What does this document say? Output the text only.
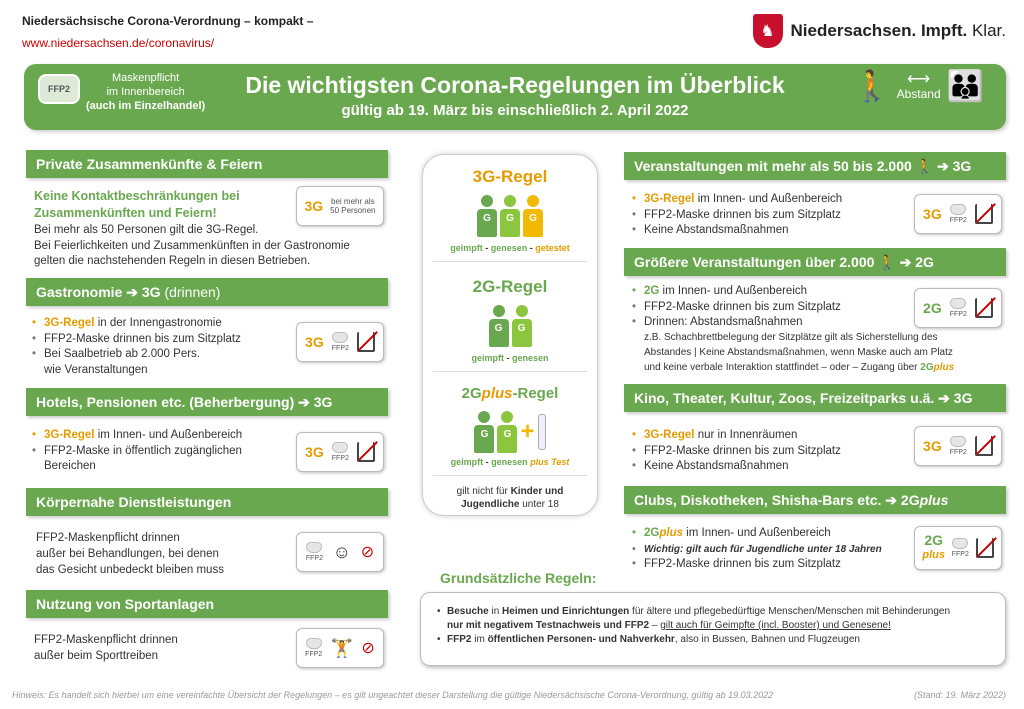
Niedersächsische Corona-Verordnung – kompakt –
www.niedersachsen.de/coronavirus/
♞ Niedersachsen. Impft. Klar.
FFP2
Maskenpflicht
im Innenbereich
(auch im Einzelhandel)
Die wichtigsten Corona-Regelungen im Überblick
gültig ab 19. März bis einschließlich 2. April 2022
🚶	⟷
Abstand 👪
Private Zusammenkünfte & Feiern
Keine Kontaktbeschränkungen bei
Zusammenkünften und Feiern!
Bei mehr als 50 Personen gilt die 3G-Regel.
Bei Feierlichkeiten und Zusammenkünften in der Gastronomie
gelten die nachstehenden Regeln in diesen Betrieben.
3G bei mehr als
50 Personen
Gastronomie ➔ 3G (drinnen)
• 3G-Regel in der Innengastronomie
• FFP2-Maske drinnen bis zum Sitzplatz
• Bei Saalbetrieb ab 2.000 Pers.
wie Veranstaltungen
3G FFP2
Hotels, Pensionen etc. (Beherbergung) ➔ 3G
• 3G-Regel im Innen- und Außenbereich
• FFP2-Maske in öffentlich zugänglichen
Bereichen
3G FFP2
Körpernahe Dienstleistungen
FFP2-Maskenpflicht drinnen
außer bei Behandlungen, bei denen
das Gesicht unbedeckt bleiben muss
FFP2 ☺ ⊘
Nutzung von Sportanlagen
FFP2-Maskenpflicht drinnen
außer beim Sporttreiben	FFP2 🏋 ⊘
3G-Regel
G	G	G
geimpft - genesen - getestet
2G-Regel
G	G
geimpft - genesen
2Gplus-Regel
G	G +
geimpft - genesen plus Test
gilt nicht für Kinder und Jugendliche unter 18
Veranstaltungen mit mehr als 50 bis 2.000 🚶 ➔ 3G
• 3G-Regel im Innen- und Außenbereich
• FFP2-Maske drinnen bis zum Sitzplatz
• Keine Abstandsmaßnahmen
3G FFP2
Größere Veranstaltungen über 2.000 🚶 ➔ 2G
• 2G im Innen- und Außenbereich
• FFP2-Maske drinnen bis zum Sitzplatz
• Drinnen: Abstandsmaßnahmen
z.B. Schachbrettbelegung der Sitzplätze gilt als Sicherstellung des
Abstandes | Keine Abstandsmaßnahmen, wenn Maske auch am Platz
und keine verbale Interaktion stattfindet – oder – Zugang über 2Gplus
2G FFP2
Kino, Theater, Kultur, Zoos, Freizeitparks u.ä. ➔ 3G
• 3G-Regel nur in Innenräumen
• FFP2-Maske drinnen bis zum Sitzplatz
• Keine Abstandsmaßnahmen
3G FFP2
Clubs, Diskotheken, Shisha-Bars etc. ➔ 2Gplus
• 2Gplus im Innen- und Außenbereich
• Wichtig: gilt auch für Jugendliche unter 18 Jahren
• FFP2-Maske drinnen bis zum Sitzplatz
2G
plus FFP2
Grundsätzliche Regeln:
• Besuche in Heimen und Einrichtungen für ältere und pflegebedürftige Menschen/Menschen mit Behinderungen
nur mit negativem Testnachweis und FFP2 – gilt auch für Geimpfte (incl. Booster) und Genesene!
• FFP2 im öffentlichen Personen- und Nahverkehr, also in Bussen, Bahnen und Flugzeugen
Hinweis: Es handelt sich hierbei um eine vereinfachte Übersicht der Regelungen – es gilt ungeachtet dieser Darstellung die gültige Niedersächsische Corona-Verordnung, gültig ab 19.03.2022	(Stand: 19. März 2022)
